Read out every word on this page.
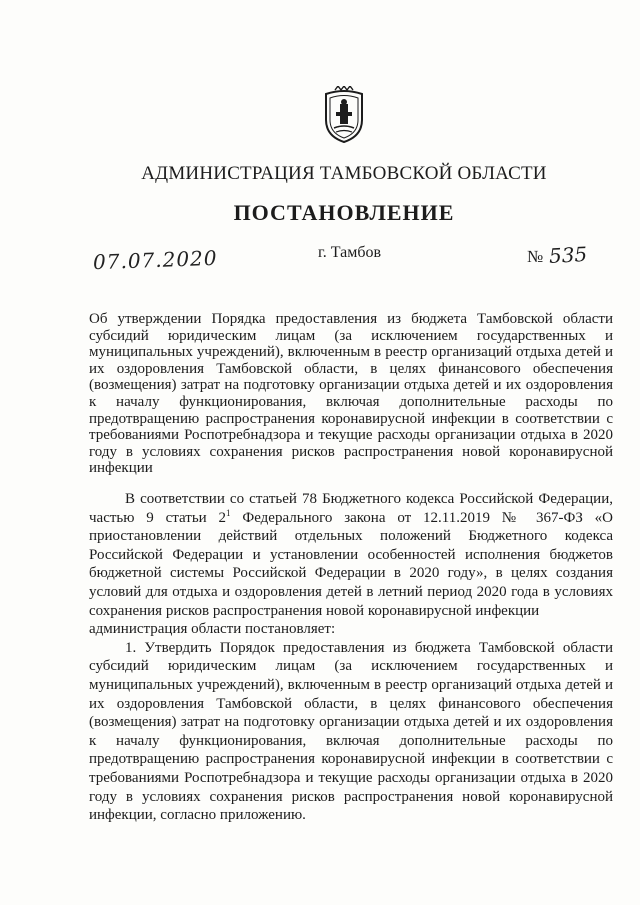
АДМИНИСТРАЦИЯ ТАМБОВСКОЙ ОБЛАСТИ
ПОСТАНОВЛЕНИЕ
07.07.2020	г. Тамбов	№ 535
Об утверждении Порядка предоставления из бюджета Тамбовской области субсидий юридическим лицам (за исключением государственных и муниципальных учреждений), включенным в реестр организаций отдыха детей и их оздоровления Тамбовской области, в целях финансового обеспечения (возмещения) затрат на подготовку организации отдыха детей и их оздоровления к началу функционирования, включая дополнительные расходы по предотвращению распространения коронавирусной инфекции в соответствии с требованиями Роспотребнадзора и текущие расходы организации отдыха в 2020 году в условиях сохранения рисков распространения новой коронавирусной инфекции

В соответствии со статьей 78 Бюджетного кодекса Российской Федерации, частью 9 статьи $2^1$ Федерального закона от 12.11.2019 № 367-ФЗ «О приостановлении действий отдельных положений Бюджетного кодекса Российской Федерации и установлении особенностей исполнения бюджетов бюджетной системы Российской Федерации в 2020 году», в целях создания условий для отдыха и оздоровления детей в летний период 2020 года в условиях сохранения рисков распространения новой коронавирусной инфекции

администрация области постановляет:

1. Утвердить Порядок предоставления из бюджета Тамбовской области субсидий юридическим лицам (за исключением государственных и муниципальных учреждений), включенным в реестр организаций отдыха детей и их оздоровления Тамбовской области, в целях финансового обеспечения (возмещения) затрат на подготовку организации отдыха детей и их оздоровления к началу функционирования, включая дополнительные расходы по предотвращению распространения коронавирусной инфекции в соответствии с требованиями Роспотребнадзора и текущие расходы организации отдыха в 2020 году в условиях сохранения рисков распространения новой коронавирусной инфекции, согласно приложению.
